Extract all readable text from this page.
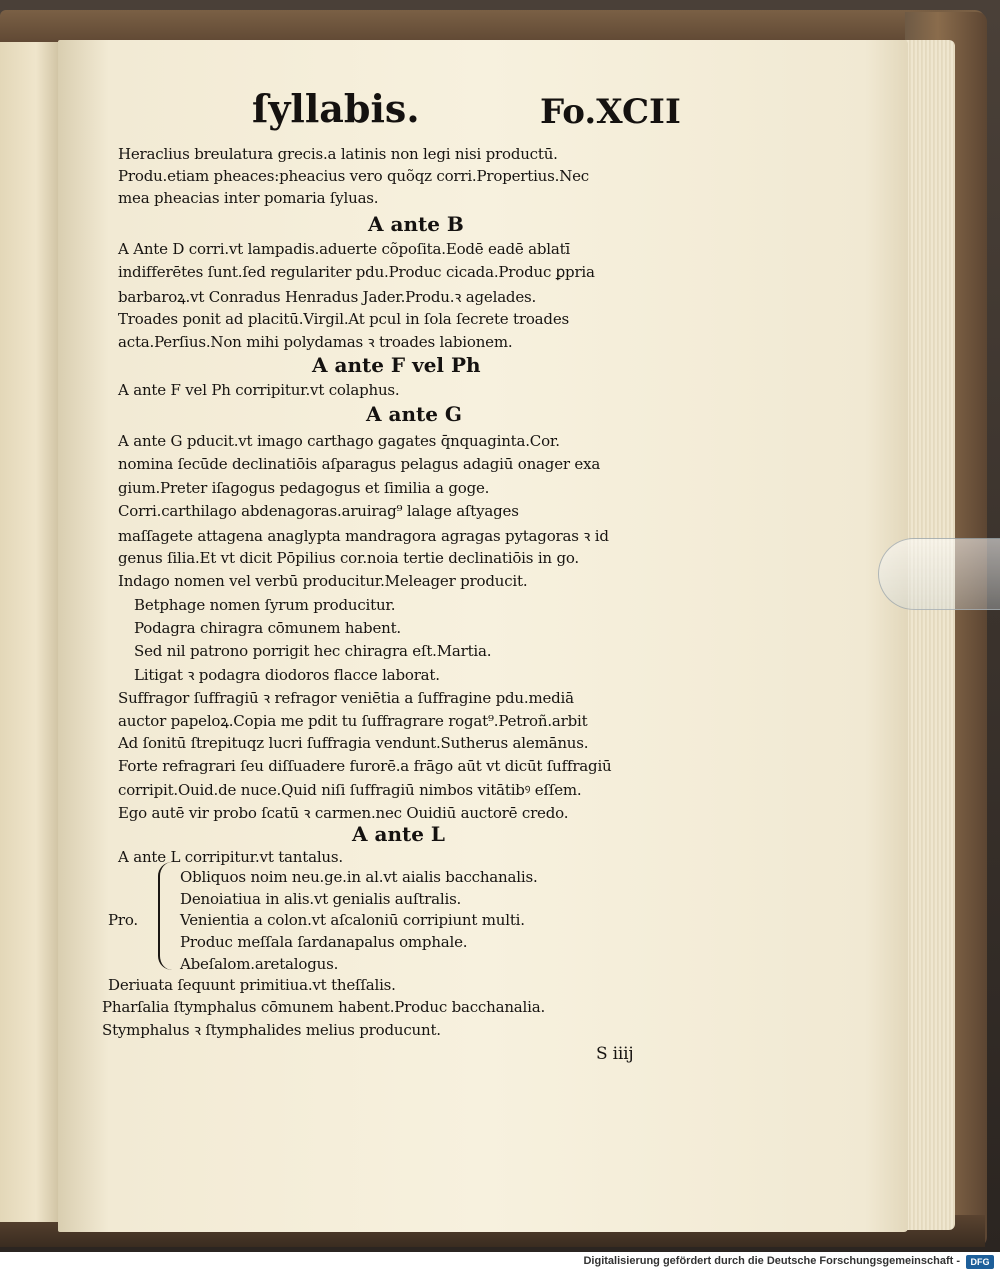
ſyllabis.	Fo.XCII
Heraclius breulatura grecis.a latinis non legi nisi productū.
Produ.etiam pheaces:pheacius vero quõqz corri.Propertius.Nec
mea pheacias inter pomaria ſyluas.
A ante B
A Ante D corri.vt lampadis.aduerte cõpoſita.Eodē eadē ablatī
indifferētes ſunt.ſed regulariter pdu.Produc cicada.Produc ꝑpria
barbaroꝝ.vt Conradus Henradus Jader.Produ.ꝛ agelades.
Troades ponit ad placitū.Virgil.At pcul in ſola ſecrete troades
acta.Perſius.Non mihi polydamas ꝛ troades labionem.
A ante F vel Ph
A ante F vel Ph corripitur.vt colaphus.
A ante G
A ante G pducit.vt imago carthago gagates q̄nquaginta.Cor.
nomina ſecūde declinatiōis aſparagus pelagus adagiū onager exa
gium.Preter iſagogus pedagogus et ſimilia a goge.
Corri.carthilago abdenagoras.aruirag⁹ lalage aſtyages
maſſagete attagena anaglypta mandragora agragas pytagoras ꝛ id
genus ſilia.Et vt dicit Pōpilius cor.noia tertie declinatiōis in go.
Indago nomen vel verbū producitur.Meleager producit.
Betphage nomen ſyrum producitur.
Podagra chiragra cōmunem habent.
Sed nil patrono porrigit hec chiragra eſt.Martia.
Litigat ꝛ podagra diodoros flacce laborat.
Suffragor ſuffragiū ꝛ refragor veniētia a ſuffragine pdu.mediā
auctor papeloꝝ.Copia me pdit tu ſuffragrare rogat⁹.Petroñ.arbit
Ad ſonitū ſtrepituqz lucri ſuffragia vendunt.Sutherus alemānus.
Forte refragrari ſeu diſſuadere furorē.a frāgo aūt vt dicūt ſuffragiū
corripit.Ouid.de nuce.Quid niſi ſuffragiū nimbos vitātibꝰ eſſem.
Ego autē vir probo ſcatū ꝛ carmen.nec Ouidiū auctorē credo.
A ante L
A ante L corripitur.vt tantalus.
Obliquos noim neu.ge.in al.vt aialis bacchanalis.
Denoiatiua in alis.vt genialis auſtralis.
Pro.	Venientia a colon.vt aſcaloniū corripiunt multi.
Produc meſſala ſardanapalus omphale.
Abeſalom.aretalogus.
Deriuata ſequunt primitiua.vt theſſalis.
Pharſalia ſtymphalus cōmunem habent.Produc bacchanalia.
Stymphalus ꝛ ſtymphalides melius producunt.
S iiij
Digitalisierung gefördert durch die Deutsche Forschungsgemeinschaft -	DFG
